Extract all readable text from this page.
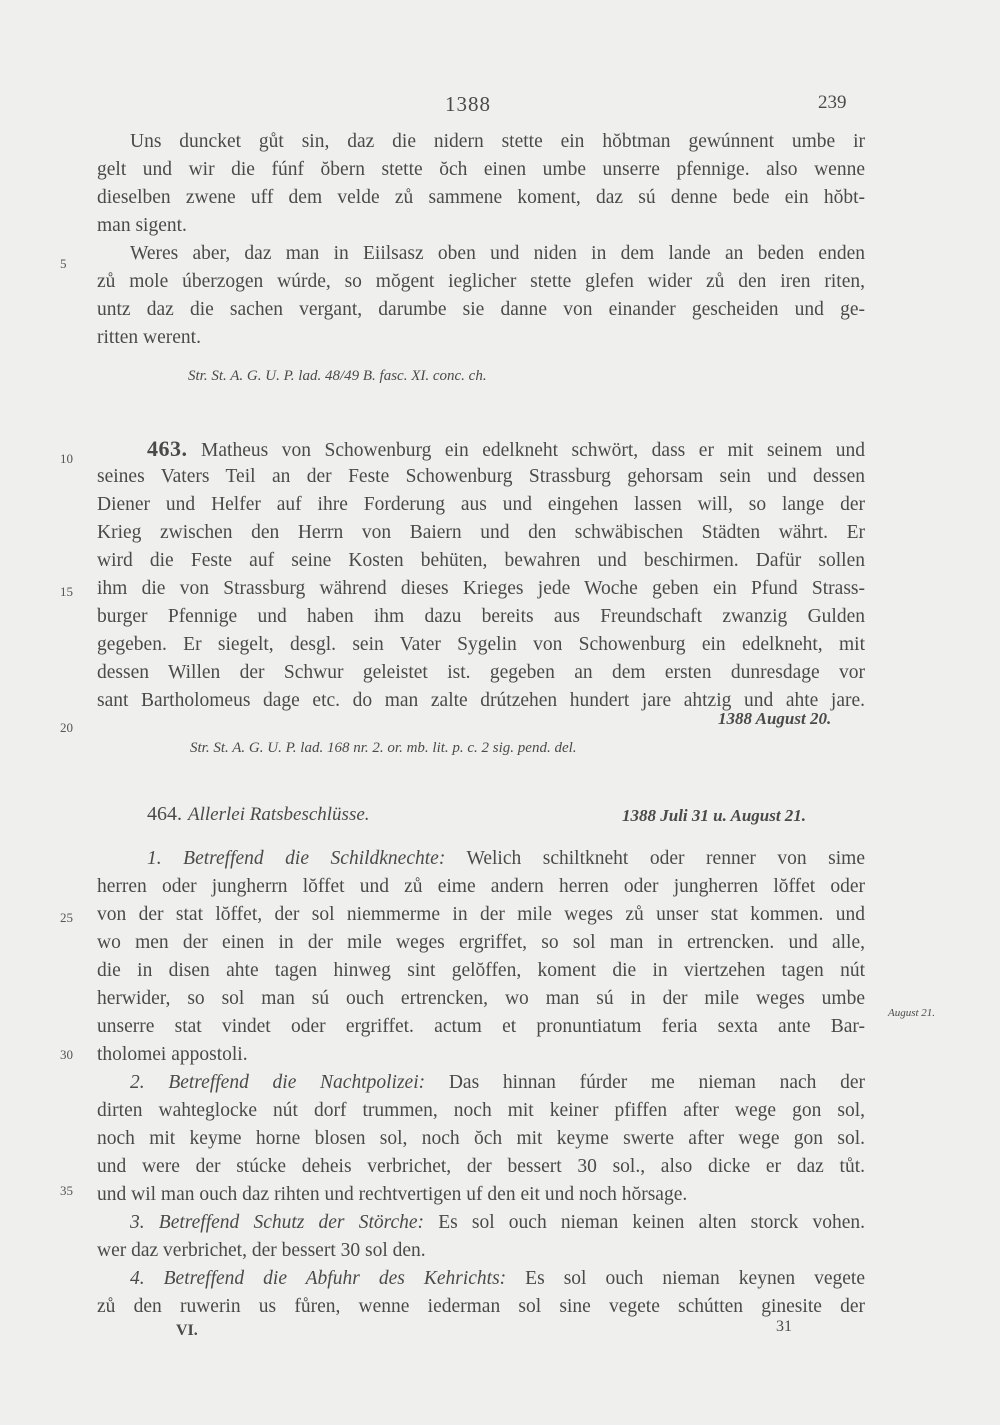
1388	239
Uns duncket gůt sin, daz die nidern stette ein hŏbtman gewúnnent umbe ir
gelt und wir die fúnf ŏbern stette ŏch einen umbe unserre pfennige. also wenne
dieselben zwene uff dem velde zů sammene koment, daz sú denne bede ein hŏbt-
man sigent.
Weres aber, daz man in Eiilsasz oben und niden in dem lande an beden enden
zů mole úberzogen wúrde, so mŏgent ieglicher stette glefen wider zů den iren riten,
untz daz die sachen vergant, darumbe sie danne von einander gescheiden und ge-
ritten werent.
Str. St. A. G. U. P. lad. 48/49 B. fasc. XI. conc. ch.
463. Matheus von Schowenburg ein edelkneht schwört, dass er mit seinem und
seines Vaters Teil an der Feste Schowenburg Strassburg gehorsam sein und dessen
Diener und Helfer auf ihre Forderung aus und eingehen lassen will, so lange der
Krieg zwischen den Herrn von Baiern und den schwäbischen Städten währt. Er
wird die Feste auf seine Kosten behüten, bewahren und beschirmen. Dafür sollen
ihm die von Strassburg während dieses Krieges jede Woche geben ein Pfund Strass-
burger Pfennige und haben ihm dazu bereits aus Freundschaft zwanzig Gulden
gegeben. Er siegelt, desgl. sein Vater Sygelin von Schowenburg ein edelkneht, mit
dessen Willen der Schwur geleistet ist. gegeben an dem ersten dunresdage vor
sant Bartholomeus dage etc. do man zalte drútzehen hundert jare ahtzig und ahte jare.
1388 August 20.
Str. St. A. G. U. P. lad. 168 nr. 2. or. mb. lit. p. c. 2 sig. pend. del.
464. Allerlei Ratsbeschlüsse.	1388 Juli 31 u. August 21.
1. Betreffend die Schildknechte: Welich schiltkneht oder renner von sime
herren oder jungherrn lŏffet und zů eime andern herren oder jungherren lŏffet oder
von der stat lŏffet, der sol niemmerme in der mile weges zů unser stat kommen. und
wo men der einen in der mile weges ergriffet, so sol man in ertrencken. und alle,
die in disen ahte tagen hinweg sint gelŏffen, koment die in viertzehen tagen nút
herwider, so sol man sú ouch ertrencken, wo man sú in der mile weges umbe
unserre stat vindet oder ergriffet. actum et pronuntiatum feria sexta ante Bar-
tholomei appostoli.
August 21.
2. Betreffend die Nachtpolizei: Das hinnan fúrder me nieman nach der
dirten wahteglocke nút dorf trummen, noch mit keiner pfiffen after wege gon sol,
noch mit keyme horne blosen sol, noch ŏch mit keyme swerte after wege gon sol.
und were der stúcke deheis verbrichet, der bessert 30 sol., also dicke er daz tůt.
und wil man ouch daz rihten und rechtvertigen uf den eit und noch hŏrsage.
3. Betreffend Schutz der Störche: Es sol ouch nieman keinen alten storck vohen.
wer daz verbrichet, der bessert 30 sol den.
4. Betreffend die Abfuhr des Kehrichts: Es sol ouch nieman keynen vegete
zů den ruwerin us fůren, wenne iederman sol sine vegete schútten ginesite der
5
10
15
20
25
30
35
VI.	31
